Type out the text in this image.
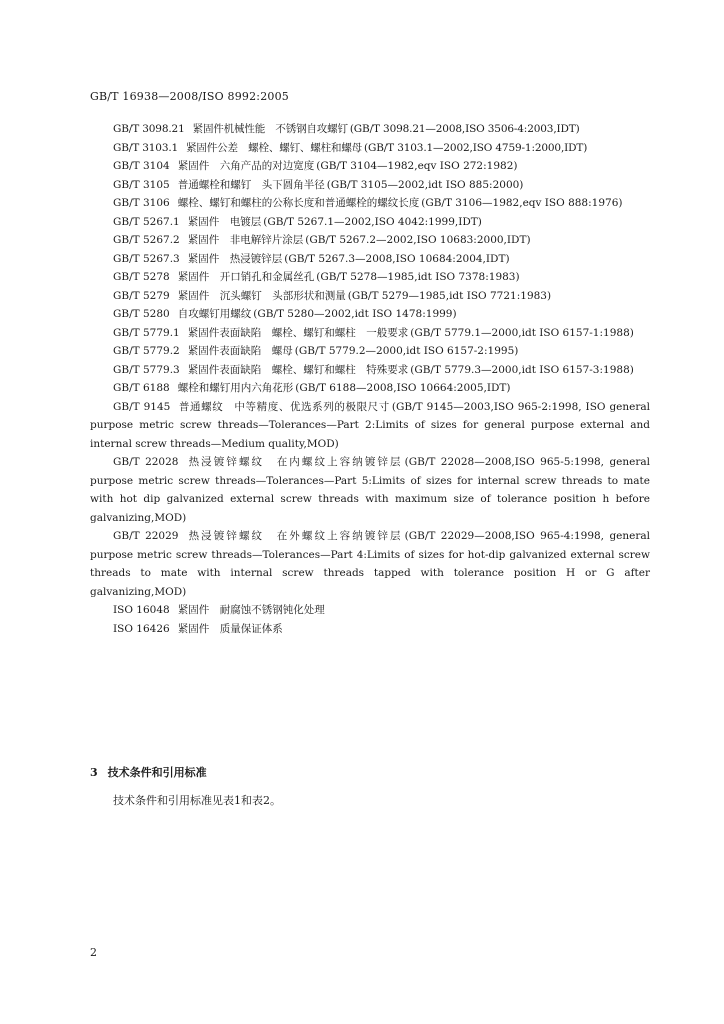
GB/T 16938—2008/ISO 8992:2005
GB/T 3098.21 紧固件机械性能　不锈钢自攻螺钉 (GB/T 3098.21—2008,ISO 3506-4:2003,IDT)
GB/T 3103.1 紧固件公差　螺栓、螺钉、螺柱和螺母 (GB/T 3103.1—2002,ISO 4759-1:2000,IDT)
GB/T 3104 紧固件　六角产品的对边宽度 (GB/T 3104—1982,eqv ISO 272:1982)
GB/T 3105 普通螺栓和螺钉　头下圆角半径 (GB/T 3105—2002,idt ISO 885:2000)
GB/T 3106 螺栓、螺钉和螺柱的公称长度和普通螺栓的螺纹长度 (GB/T 3106—1982,eqv ISO 888:1976)
GB/T 5267.1 紧固件　电镀层 (GB/T 5267.1—2002,ISO 4042:1999,IDT)
GB/T 5267.2 紧固件　非电解锌片涂层 (GB/T 5267.2—2002,ISO 10683:2000,IDT)
GB/T 5267.3 紧固件　热浸镀锌层 (GB/T 5267.3—2008,ISO 10684:2004,IDT)
GB/T 5278 紧固件　开口销孔和金属丝孔 (GB/T 5278—1985,idt ISO 7378:1983)
GB/T 5279 紧固件　沉头螺钉　头部形状和测量 (GB/T 5279—1985,idt ISO 7721:1983)
GB/T 5280 自攻螺钉用螺纹 (GB/T 5280—2002,idt ISO 1478:1999)
GB/T 5779.1 紧固件表面缺陷　螺栓、螺钉和螺柱　一般要求 (GB/T 5779.1—2000,idt ISO 6157-1:1988)
GB/T 5779.2 紧固件表面缺陷　螺母 (GB/T 5779.2—2000,idt ISO 6157-2:1995)
GB/T 5779.3 紧固件表面缺陷　螺栓、螺钉和螺柱　特殊要求 (GB/T 5779.3—2000,idt ISO 6157-3:1988)
GB/T 6188 螺栓和螺钉用内六角花形 (GB/T 6188—2008,ISO 10664:2005,IDT)
GB/T 9145 普通螺纹　中等精度、优选系列的极限尺寸 (GB/T 9145—2003,ISO 965-2:1998, ISO general purpose metric screw threads—Tolerances—Part 2:Limits of sizes for general purpose external and internal screw threads—Medium quality,MOD)
GB/T 22028 热浸镀锌螺纹　在内螺纹上容纳镀锌层 (GB/T 22028—2008,ISO 965-5:1998, general purpose metric screw threads—Tolerances—Part 5:Limits of sizes for internal screw threads to mate with hot dip galvanized external screw threads with maximum size of tolerance position h before galvanizing,MOD)
GB/T 22029 热浸镀锌螺纹　在外螺纹上容纳镀锌层 (GB/T 22029—2008,ISO 965-4:1998, general purpose metric screw threads—Tolerances—Part 4:Limits of sizes for hot-dip galvanized external screw threads to mate with internal screw threads tapped with tolerance position H or G after galvanizing,MOD)
ISO 16048 紧固件　耐腐蚀不锈钢钝化处理
ISO 16426 紧固件　质量保证体系
3 技术条件和引用标准
技术条件和引用标准见表1和表2。
2
